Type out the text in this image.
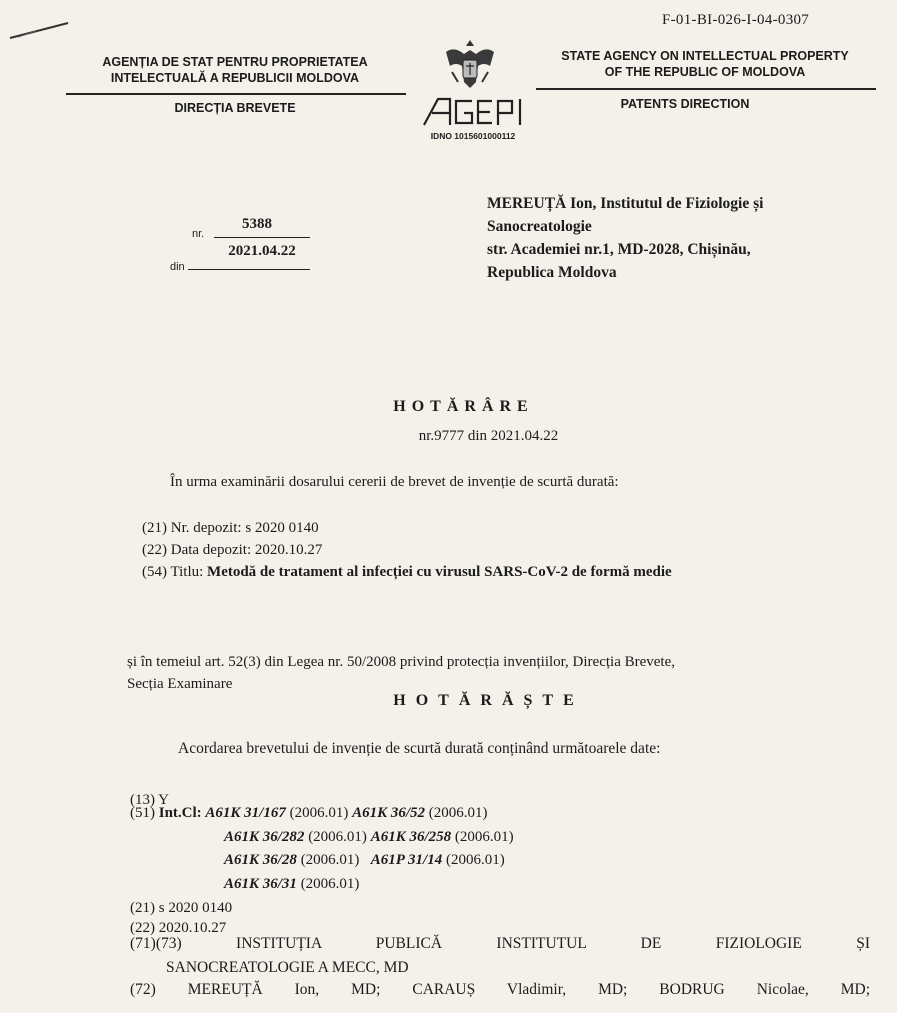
F-01-BI-026-I-04-0307
AGENȚIA DE STAT PENTRU PROPRIETATEA
INTELECTUALĂ A REPUBLICII MOLDOVA
STATE AGENCY ON INTELLECTUAL PROPERTY
OF THE REPUBLIC OF MOLDOVA
DIRECȚIA BREVETE	PATENTS DIRECTION
IDNO 1015601000112
nr.
5388
2021.04.22
din
MEREUȚĂ Ion, Institutul de Fiziologie și
Sanocreatologie
str. Academiei nr.1, MD-2028, Chișinău,
Republica Moldova
HOTĂRÂRE
nr.9777 din 2021.04.22
În urma examinării dosarului cererii de brevet de invenție de scurtă durată:
(21) Nr. depozit: s 2020 0140
(22) Data depozit: 2020.10.27
(54) Titlu: Metodă de tratament al infecției cu virusul SARS-CoV-2 de formă medie
și în temeiul art. 52(3) din Legea nr. 50/2008 privind protecția invențiilor, Direcția Brevete,
Secția Examinare
HOTĂRĂȘTE
Acordarea brevetului de invenție de scurtă durată conținând următoarele date:
(13) Y
(51) Int.Cl: A61K 31/167 (2006.01) A61K 36/52 (2006.01)
A61K 36/282 (2006.01) A61K 36/258 (2006.01)
A61K 36/28 (2006.01) A61P 31/14 (2006.01)
A61K 36/31 (2006.01)
(21) s 2020 0140
(22) 2020.10.27
(71)(73) INSTITUȚIA PUBLICĂ INSTITUTUL DE FIZIOLOGIE ȘI
SANOCREATOLOGIE A MECC, MD
(72) MEREUȚĂ Ion, MD; CARAUȘ Vladimir, MD; BODRUG Nicolae, MD;
